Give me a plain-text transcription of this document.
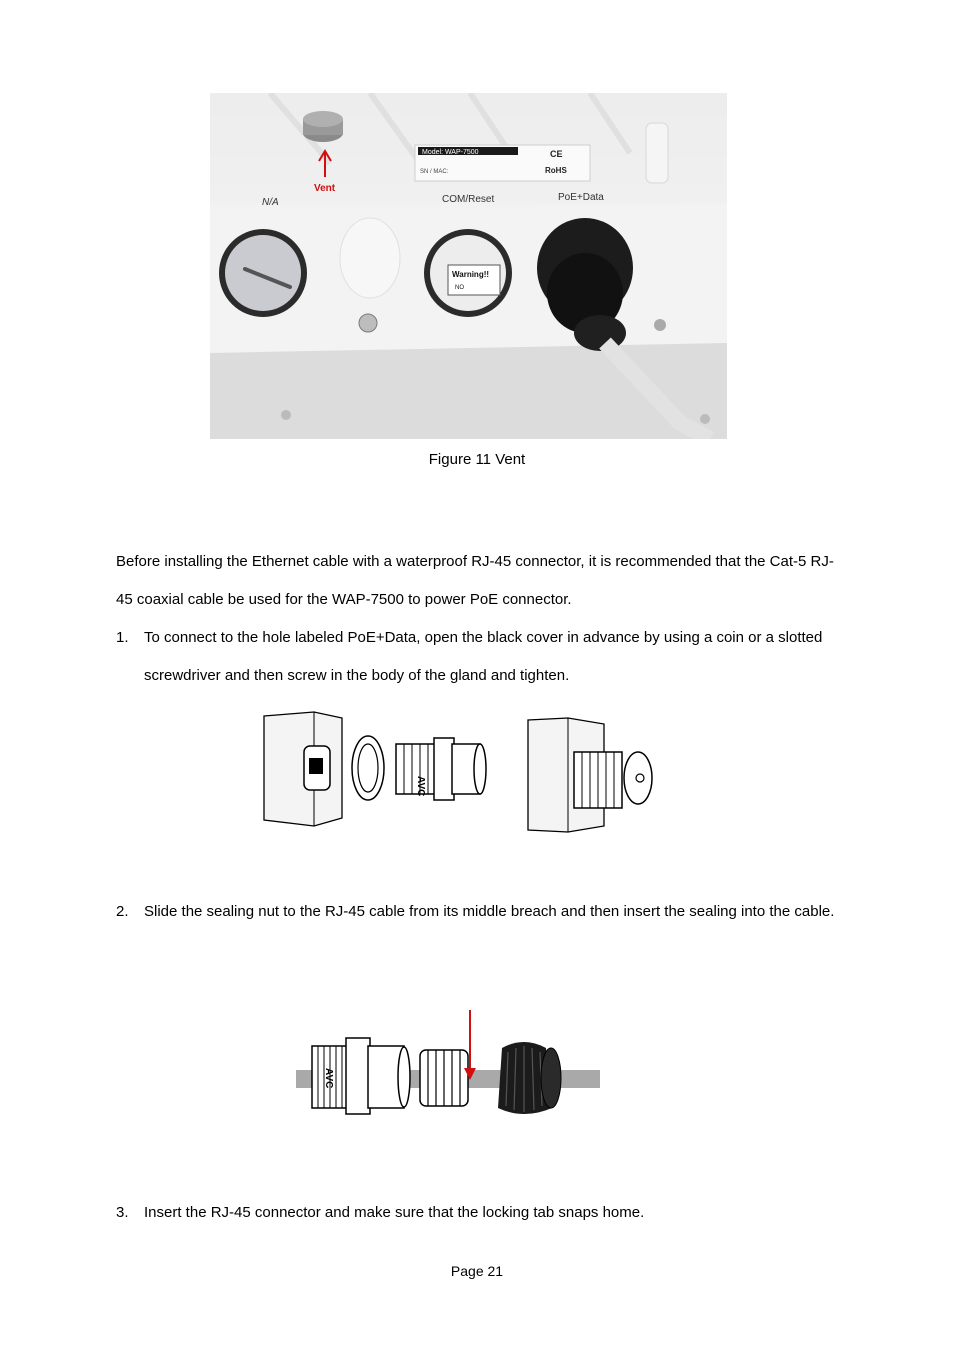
Model: WAP-7500
SN / MAC:
CE
RoHS
Vent
N/A	COM/Reset	PoE+Data
Warning!!
NO
Figure 11 Vent
Before installing the Ethernet cable with a waterproof RJ-45 connector, it is recommended that the Cat-5 RJ-45 coaxial cable be used for the WAP-7500 to power PoE connector.
1. To connect to the hole labeled PoE+Data, open the black cover in advance by using a coin or a slotted screwdriver and then screw in the body of the gland and tighten.
AVC
2. Slide the sealing nut to the RJ-45 cable from its middle breach and then insert the sealing into the cable.
AVC
3. Insert the RJ-45 connector and make sure that the locking tab snaps home.
Page 21
